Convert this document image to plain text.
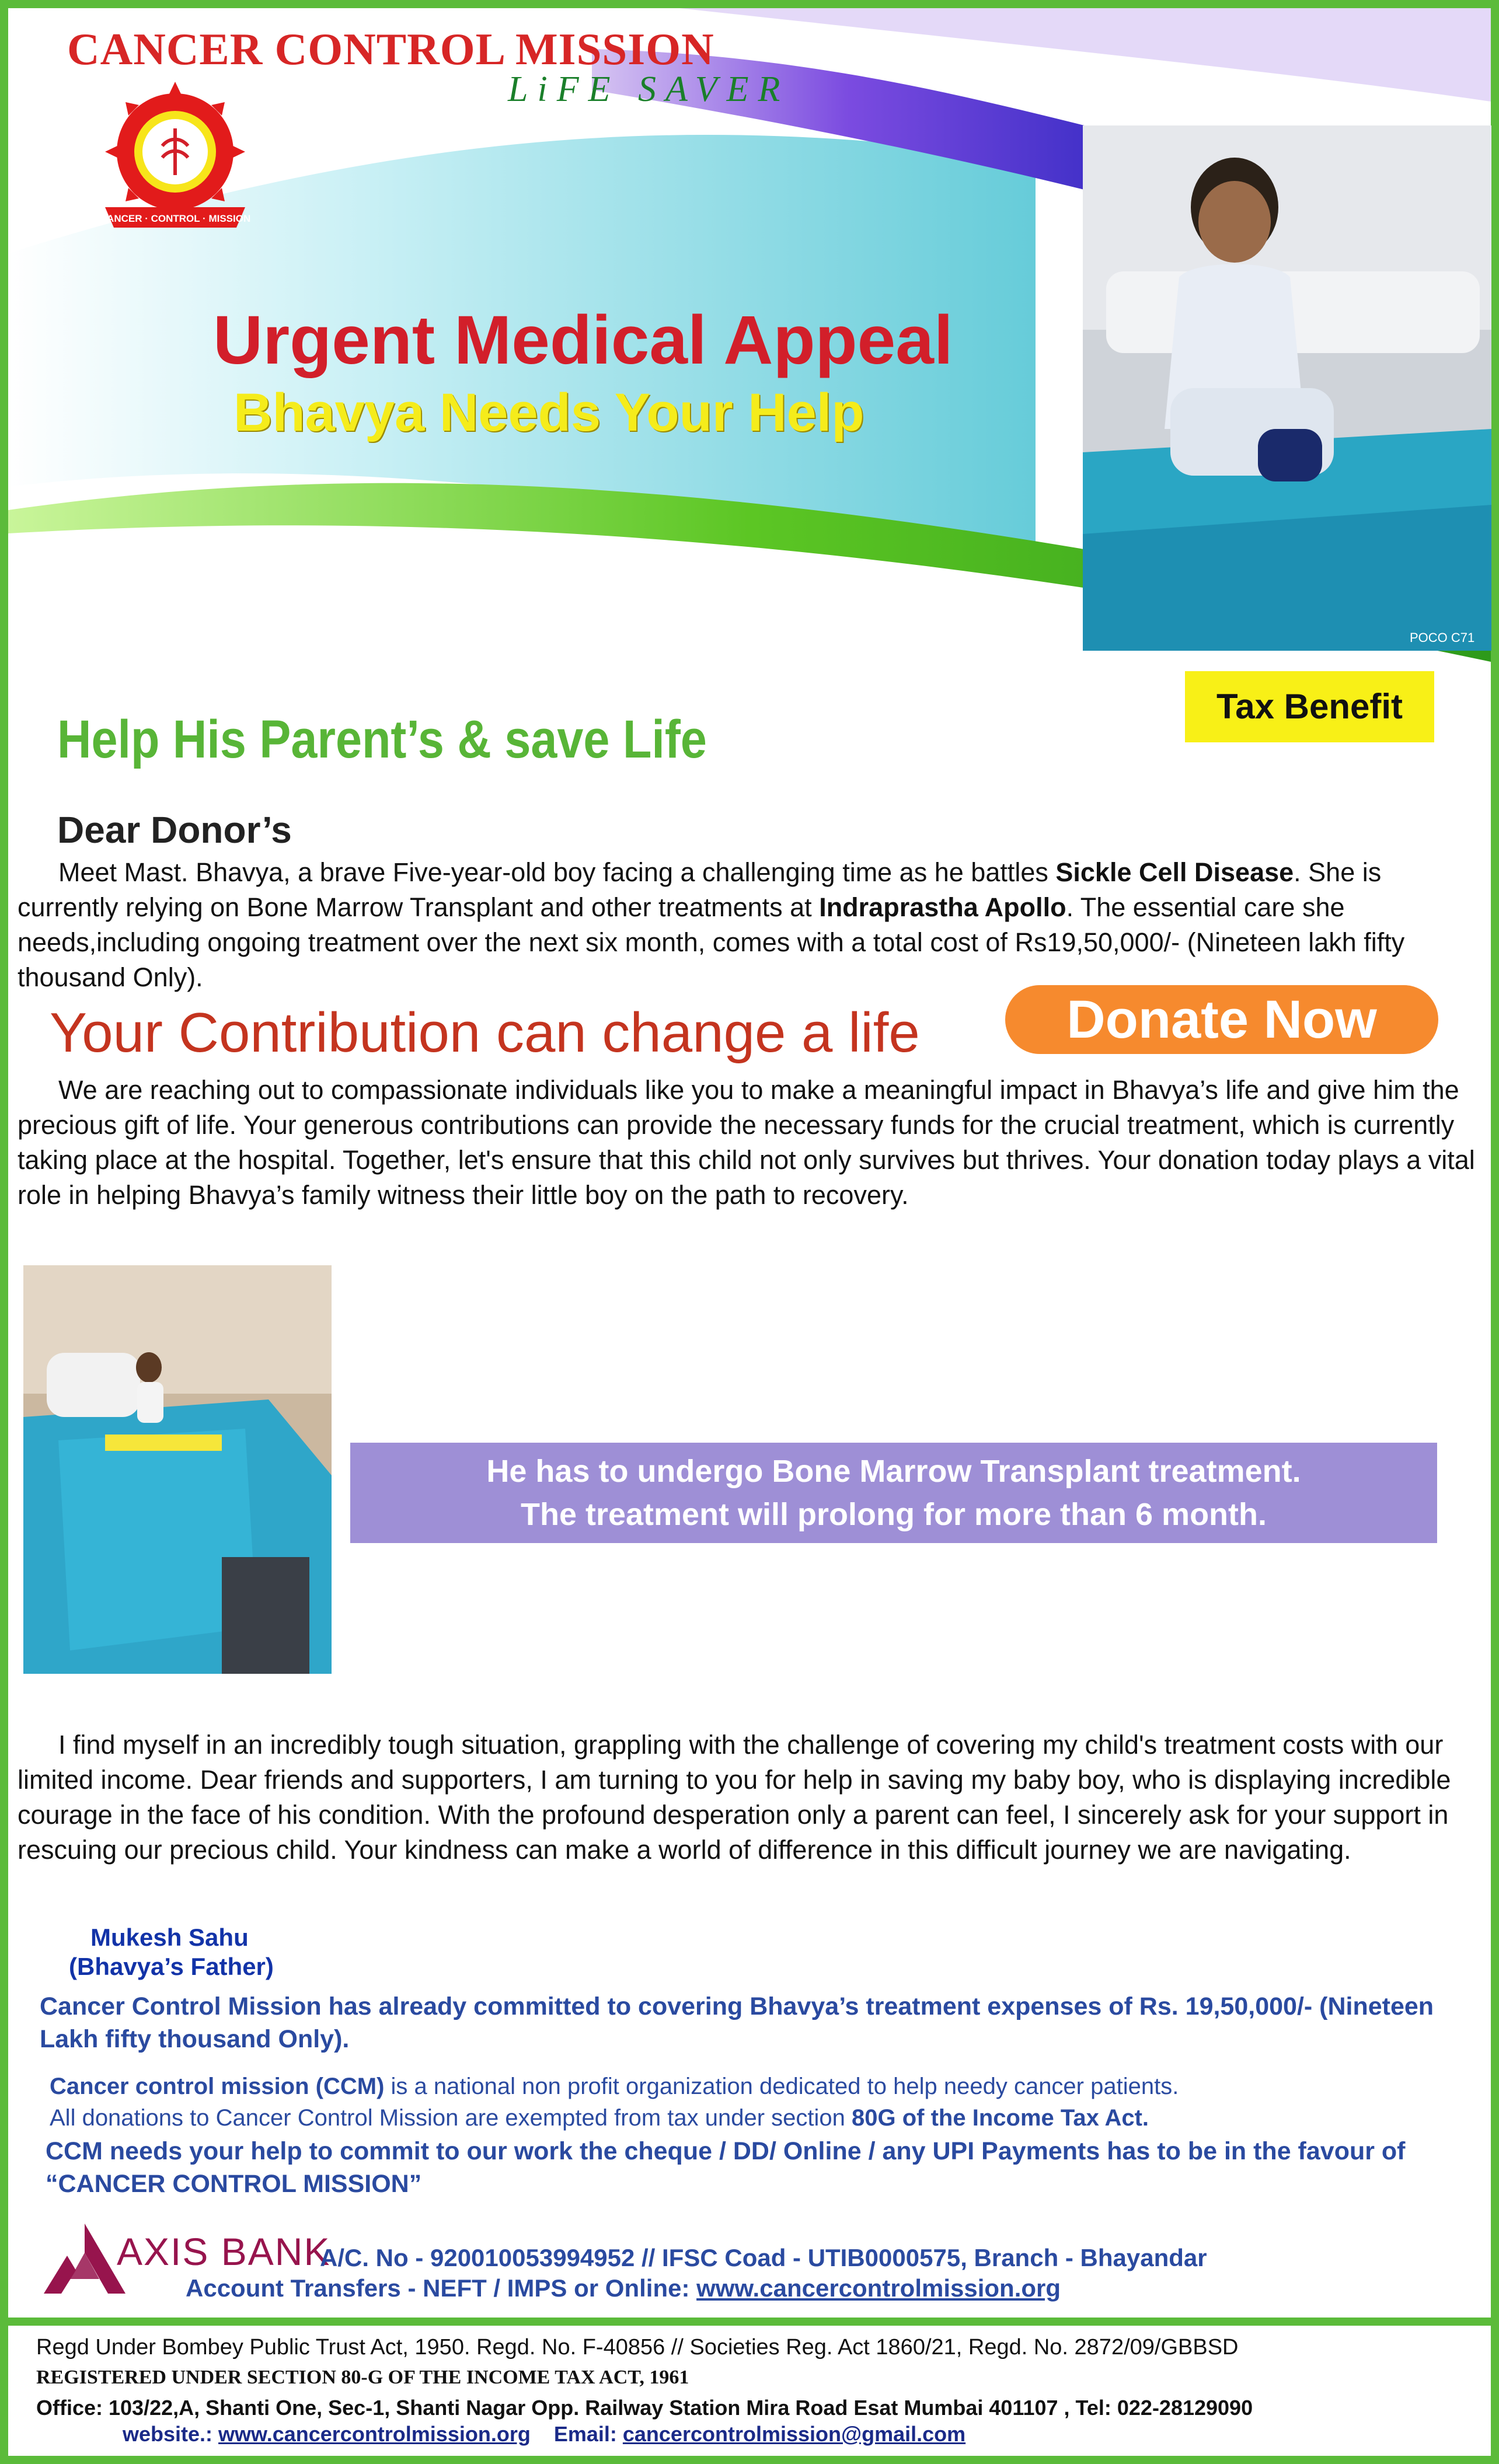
POCO C71
CANCER · CONTROL · MISSION
CANCER CONTROL MISSION
LiFE SAVER
Urgent Medical Appeal
Bhavya Needs Your Help
Tax Benefit
Help His Parent’s & save Life
Dear Donor’s
Meet Mast. Bhavya, a brave Five-year-old boy facing a challenging time as he battles Sickle Cell Disease. She is currently relying on Bone Marrow Transplant and other treatments at Indraprastha Apollo. The essential care she needs,including ongoing treatment over the next six month, comes with a total cost of Rs19,50,000/- (Nineteen lakh fifty thousand Only).
Your Contribution can change a life	Donate Now
We are reaching out to compassionate individuals like you to make a meaningful impact in Bhavya’s life and give him the precious gift of life. Your generous contributions can provide the necessary funds for the crucial treatment, which is currently taking place at the hospital. Together, let's ensure that this child not only survives but thrives. Your donation today plays a vital role in helping Bhavya’s family witness their little boy on the path to recovery.
He has to undergo Bone Marrow Transplant treatment.
The treatment will prolong for more than 6 month.
I find myself in an incredibly tough situation, grappling with the challenge of covering my child's treatment costs with our limited income. Dear friends and supporters, I am turning to you for help in saving my baby boy, who is displaying incredible courage in the face of his condition. With the profound desperation only a parent can feel, I sincerely ask for your support in rescuing our precious child. Your kindness can make a world of difference in this difficult journey we are navigating.
Mukesh Sahu
(Bhavya’s Father)
Cancer Control Mission has already committed to covering Bhavya’s treatment expenses of Rs. 19,50,000/- (Nineteen Lakh fifty thousand Only).
Cancer control mission (CCM) is a national non profit organization dedicated to help needy cancer patients.
All donations to Cancer Control Mission are exempted from tax under section 80G of the Income Tax Act.
CCM needs your help to commit to our work the cheque / DD/ Online / any UPI Payments has to be in the favour of “CANCER CONTROL MISSION”
AXIS BANK
A/C. No - 920010053994952 // IFSC Coad - UTIB0000575, Branch - Bhayandar
Account Transfers - NEFT / IMPS or Online: www.cancercontrolmission.org
Regd Under Bombey Public Trust Act, 1950. Regd. No. F-40856 // Societies Reg. Act 1860/21, Regd. No. 2872/09/GBBSD
REGISTERED UNDER SECTION 80-G OF THE INCOME TAX ACT, 1961
Office: 103/22,A, Shanti One, Sec-1, Shanti Nagar Opp. Railway Station Mira Road Esat Mumbai 401107 , Tel: 022-28129090
website.: www.cancercontrolmission.org Email: cancercontrolmission@gmail.com
